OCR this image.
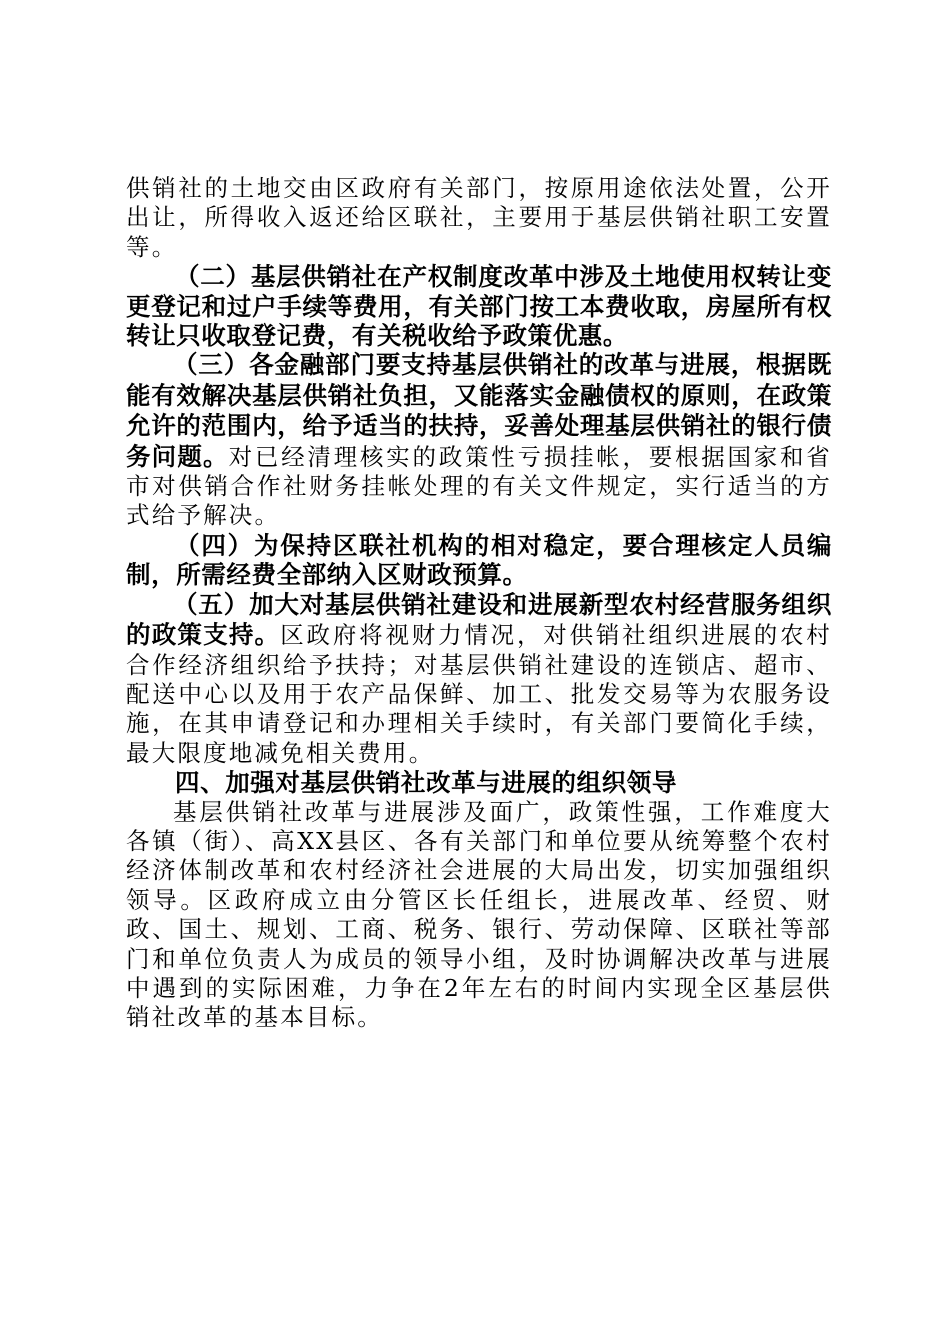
供销社的土地交由区政府有关部门，按原用途依法处置，公开出让，所得收入返还给区联社，主要用于基层供销社职工安置等。

（二）基层供销社在产权制度改革中涉及土地使用权转让变更登记和过户手续等费用，有关部门按工本费收取，房屋所有权转让只收取登记费，有关税收给予政策优惠。

（三）各金融部门要支持基层供销社的改革与进展，根据既能有效解决基层供销社负担，又能落实金融债权的原则，在政策允许的范围内，给予适当的扶持，妥善处理基层供销社的银行债务问题。对已经清理核实的政策性亏损挂帐，要根据国家和省市对供销合作社财务挂帐处理的有关文件规定，实行适当的方式给予解决。

（四）为保持区联社机构的相对稳定，要合理核定人员编制，所需经费全部纳入区财政预算。

（五）加大对基层供销社建设和进展新型农村经营服务组织的政策支持。区政府将视财力情况，对供销社组织进展的农村合作经济组织给予扶持；对基层供销社建设的连锁店、超市、配送中心以及用于农产品保鲜、加工、批发交易等为农服务设施，在其申请登记和办理相关手续时，有关部门要简化手续，最大限度地减免相关费用。

四、加强对基层供销社改革与进展的组织领导

基层供销社改革与进展涉及面广，政策性强，工作难度大各镇（街）、高XX县区、各有关部门和单位要从统筹整个农村经济体制改革和农村经济社会进展的大局出发，切实加强组织领导。区政府成立由分管区长任组长，进展改革、经贸、财政、国土、规划、工商、税务、银行、劳动保障、区联社等部门和单位负责人为成员的领导小组，及时协调解决改革与进展中遇到的实际困难，力争在2年左右的时间内实现全区基层供销社改革的基本目标。
